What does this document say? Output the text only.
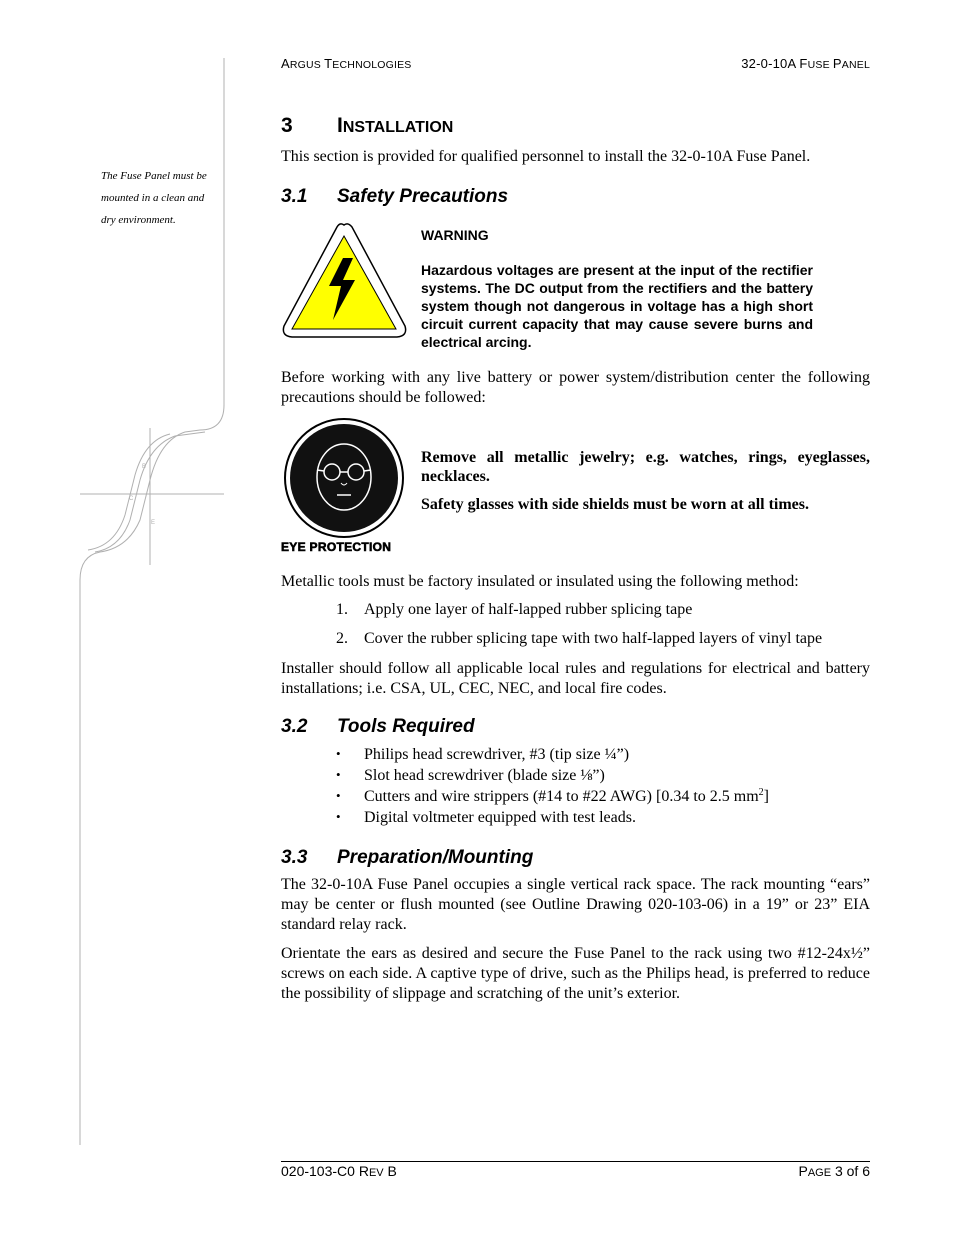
B
C
E
ARGUS TECHNOLOGIES	32-0-10A FUSE PANEL
The Fuse Panel must be mounted in a clean and dry environment.
3 INSTALLATION

This section is provided for qualified personnel to install the 32-0-10A Fuse Panel.

3.1 Safety Precautions
WARNING
Hazardous voltages are present at the input of the rectifier systems. The DC output from the rectifiers and the battery system though not dangerous in voltage has a high short circuit current capacity that may cause severe burns and electrical arcing.

Before working with any live battery or power system/distribution center the following precautions should be followed:

EYE PROTECTION
Remove all metallic jewelry; e.g. watches, rings, eyeglasses, necklaces.
Safety glasses with side shields must be worn at all times.

Metallic tools must be factory insulated or insulated using the following method:

1. Apply one layer of half-lapped rubber splicing tape
2. Cover the rubber splicing tape with two half-lapped layers of vinyl tape

Installer should follow all applicable local rules and regulations for electrical and battery installations; i.e. CSA, UL, CEC, NEC, and local fire codes.

3.2 Tools Required
• Philips head screwdriver, #3 (tip size ¼”)
• Slot head screwdriver (blade size ⅛”)
• Cutters and wire strippers (#14 to #22 AWG) [0.34 to 2.5 $mm^2$]
• Digital voltmeter equipped with test leads.
3.3 Preparation/Mounting

The 32-0-10A Fuse Panel occupies a single vertical rack space. The rack mounting “ears” may be center or flush mounted (see Outline Drawing 020-103-06) in a 19” or 23” EIA standard relay rack.

Orientate the ears as desired and secure the Fuse Panel to the rack using two #12-24x½” screws on each side. A captive type of drive, such as the Philips head, is preferred to reduce the possibility of slippage and scratching of the unit’s exterior.

020-103-C0 REV B	PAGE 3 of 6
